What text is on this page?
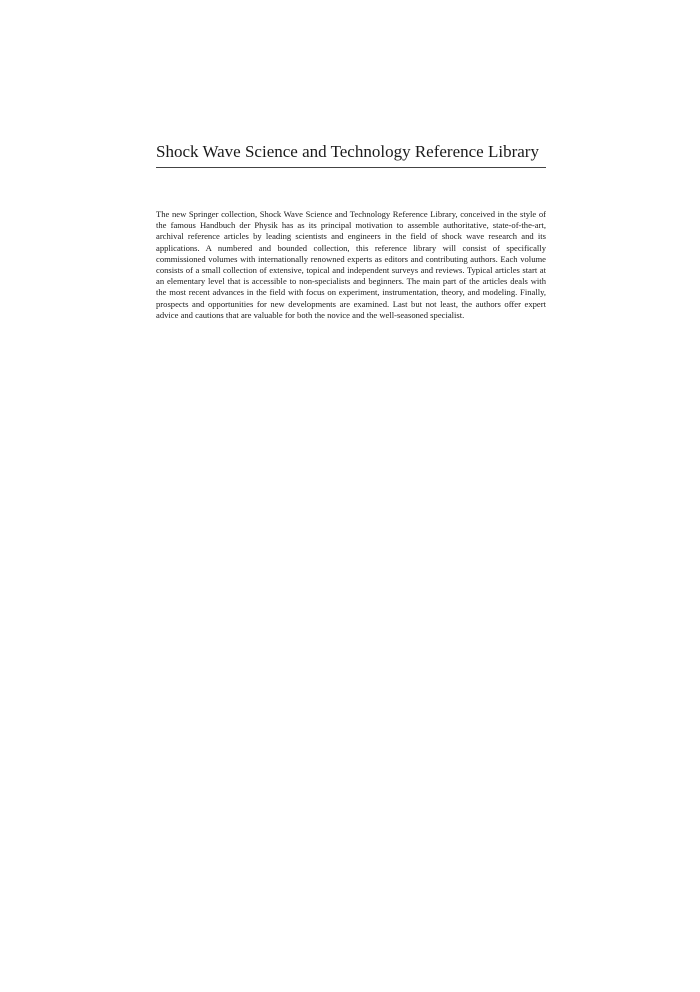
Shock Wave Science and Technology Reference Library

The new Springer collection, Shock Wave Science and Technology Reference Library, conceived in the style of the famous Handbuch der Physik has as its principal motivation to assemble authoritative, state-of-the-art, archival reference articles by leading scientists and engineers in the field of shock wave research and its applications. A numbered and bounded collection, this reference library will consist of specifically commissioned volumes with internationally renowned experts as editors and contributing authors. Each volume consists of a small collection of extensive, topical and independent surveys and reviews. Typical articles start at an elementary level that is accessible to non-specialists and beginners. The main part of the articles deals with the most recent advances in the field with focus on experiment, instrumentation, theory, and modeling. Finally, prospects and opportunities for new developments are examined. Last but not least, the authors offer expert advice and cautions that are valuable for both the novice and the well-seasoned specialist.
